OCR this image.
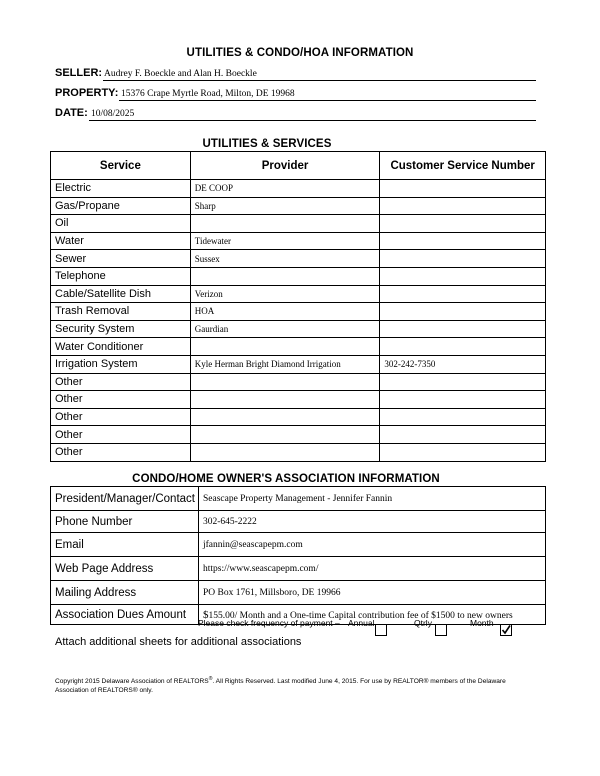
UTILITIES & CONDO/HOA INFORMATION
SELLER: Audrey F. Boeckle and Alan H. Boeckle
PROPERTY: 15376 Crape Myrtle Road, Milton, DE 19968
DATE: 10/08/2025
UTILITIES & SERVICES
Service	Provider	Customer Service Number
Electric	DE COOP	
Gas/Propane	Sharp	
Oil		
Water	Tidewater	
Sewer	Sussex	
Telephone		
Cable/Satellite Dish	Verizon	
Trash Removal	HOA	
Security System	Gaurdian	
Water Conditioner		
Irrigation System	Kyle Herman Bright Diamond Irrigation	302-242-7350
Other		
Other		
Other		
Other		
Other		
CONDO/HOME OWNER'S ASSOCIATION INFORMATION
President/Manager/Contact	Seascape Property Management - Jennifer Fannin
Phone Number	302-645-2222
Email	jfannin@seascapepm.com
Web Page Address	https://www.seascapepm.com/
Mailing Address	PO Box 1761, Millsboro, DE 19966
Association Dues Amount	$155.00/ Month and a One-time Capital contribution fee of $1500 to new owners
Please check frequency of payment – Annual	Qtrly	Month
Attach additional sheets for additional associations
Copyright 2015 Delaware Association of REALTORS®. All Rights Reserved. Last modified June 4, 2015. For use by REALTOR® members of the Delaware
Association of REALTORS® only.
